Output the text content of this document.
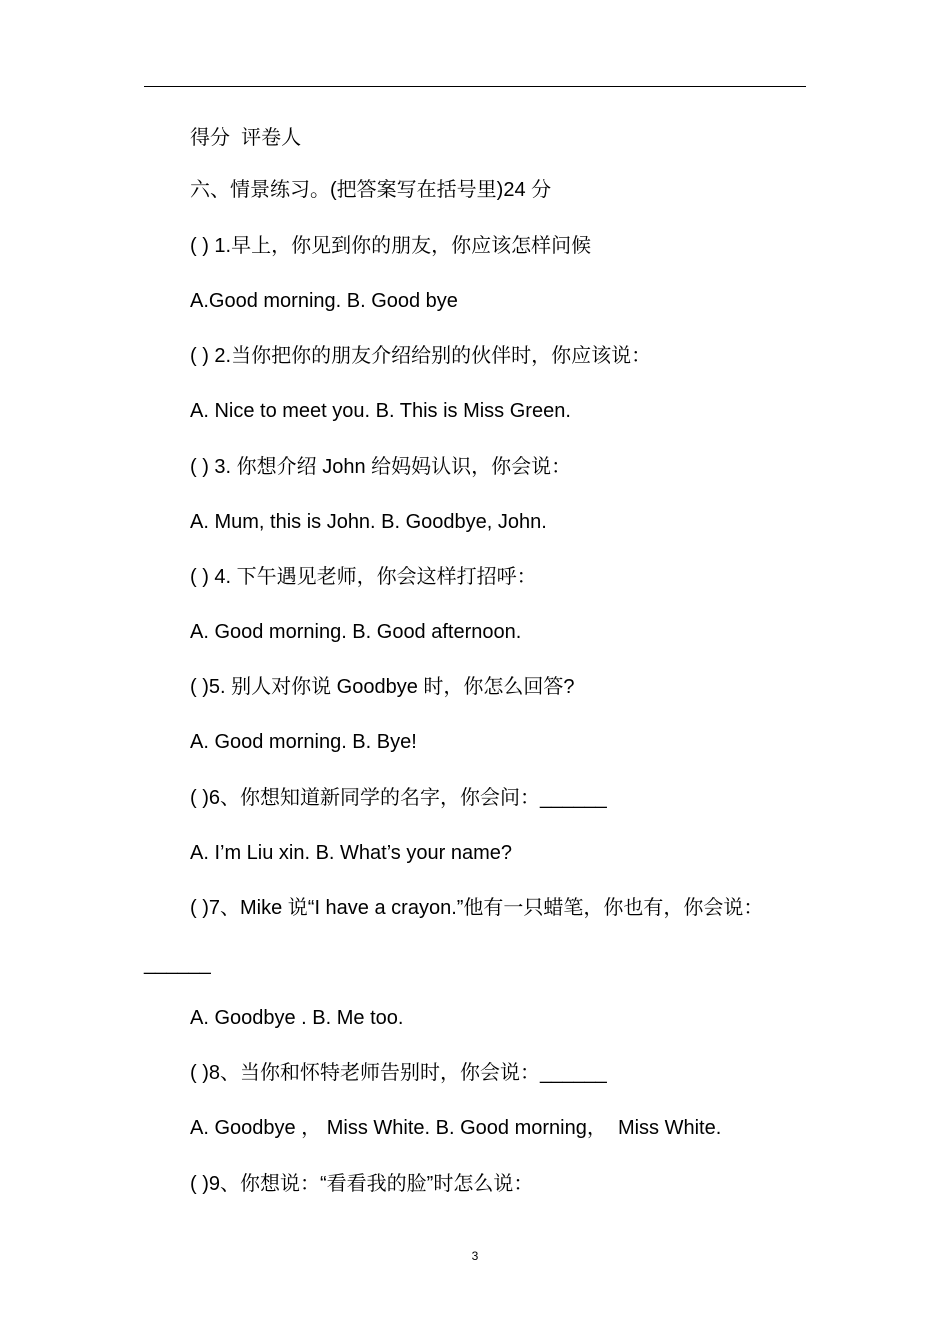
得分  评卷人
六、情景练习。(把答案写在括号里)24 分
( ) 1.早上，你见到你的朋友，你应该怎样问候
A.Good morning. B. Good bye
( ) 2.当你把你的朋友介绍给别的伙伴时，你应该说：
A. Nice to meet you. B. This is Miss Green.
( ) 3. 你想介绍 John 给妈妈认识，你会说：
A. Mum, this is John. B. Goodbye, John.
( ) 4. 下午遇见老师，你会这样打招呼：
A. Good morning. B. Good afternoon.
( )5. 别人对你说 Goodbye 时，你怎么回答?
A. Good morning. B. Bye!
( )6、你想知道新同学的名字，你会问：______
A. I’m Liu xin. B. What’s your name?
( )7、Mike 说“I have a crayon.”他有一只蜡笔，你也有，你会说：
______
A. Goodbye . B. Me too.
( )8、当你和怀特老师告别时，你会说：______
A. Goodbye ， Miss White. B. Good morning，  Miss White.
( )9、你想说：“看看我的脸”时怎么说：
3
